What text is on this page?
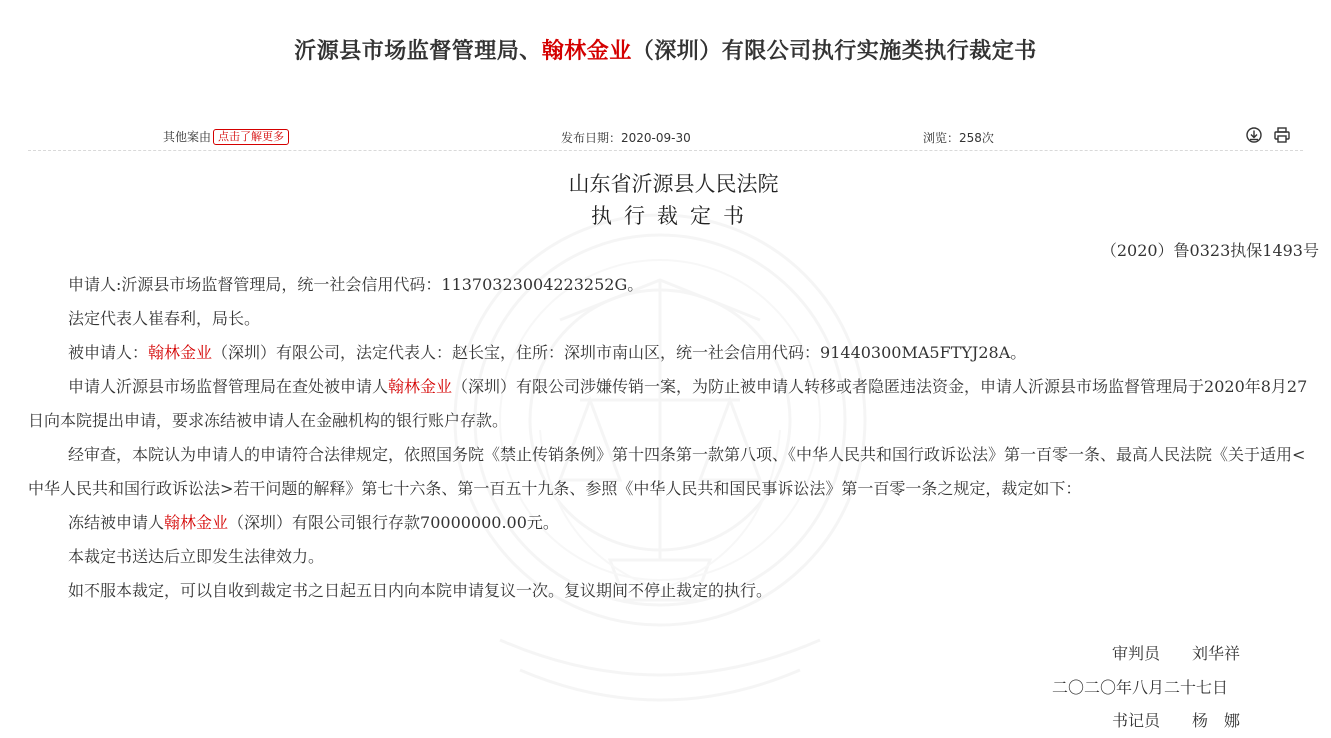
沂源县市场监督管理局、翰林金业（深圳）有限公司执行实施类执行裁定书
其他案由 点击了解更多	发布日期：2020-09-30	浏览：258次
山东省沂源县人民法院
执行裁定书
（2020）鲁0323执保1493号

申请人:沂源县市场监督管理局，统一社会信用代码：11370323004223252G。

法定代表人崔春利，局长。

被申请人：翰林金业（深圳）有限公司，法定代表人：赵长宝，住所：深圳市南山区，统一社会信用代码：91440300MA5FTYJ28A。

申请人沂源县市场监督管理局在查处被申请人翰林金业（深圳）有限公司涉嫌传销一案，为防止被申请人转移或者隐匿违法资金，申请人沂源县市场监督管理局于2020年8月27日向本院提出申请，要求冻结被申请人在金融机构的银行账户存款。

经审查，本院认为申请人的申请符合法律规定，依照国务院《禁止传销条例》第十四条第一款第八项、《中华人民共和国行政诉讼法》第一百零一条、最高人民法院《关于适用<中华人民共和国行政诉讼法>若干问题的解释》第七十六条、第一百五十九条、参照《中华人民共和国民事诉讼法》第一百零一条之规定，裁定如下：

冻结被申请人翰林金业（深圳）有限公司银行存款70000000.00元。

本裁定书送达后立即发生法律效力。

如不服本裁定，可以自收到裁定书之日起五日内向本院申请复议一次。复议期间不停止裁定的执行。

审判员　　刘华祥
二〇二〇年八月二十七日
书记员　　杨　娜
